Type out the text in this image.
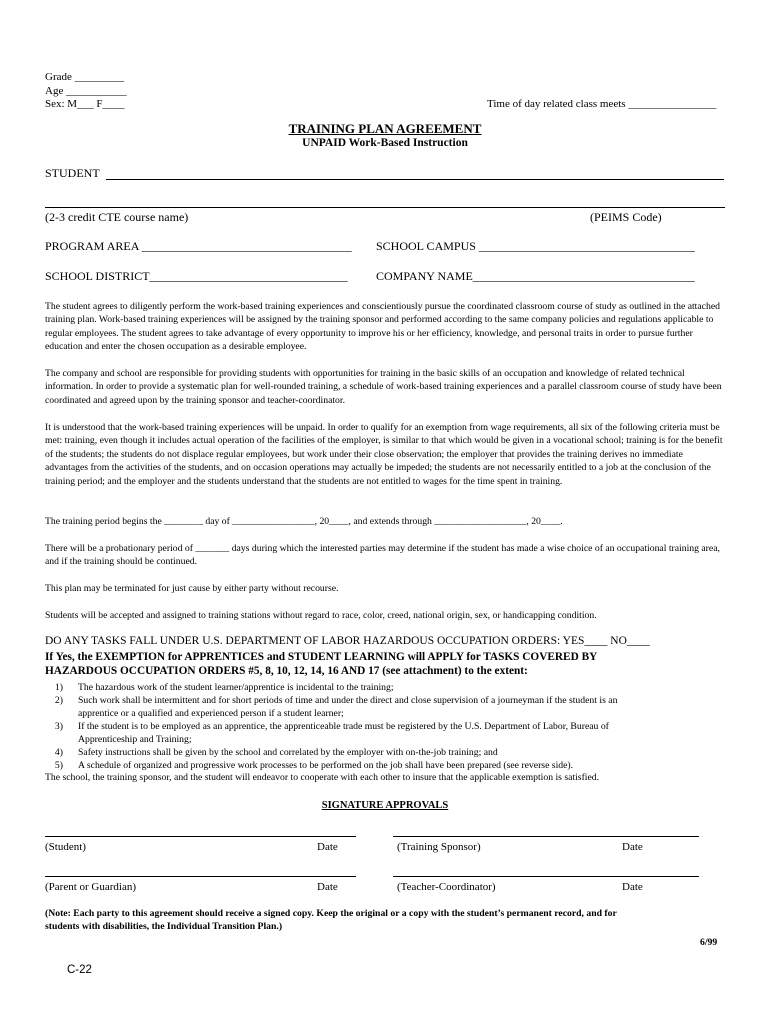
Grade _________
Age ___________
Sex: M___ F____	Time of day related class meets ________________
TRAINING PLAN AGREEMENT
UNPAID Work-Based Instruction
STUDENT
(2-3 credit CTE course name)	(PEIMS Code)
PROGRAM AREA ___________________________________ SCHOOL CAMPUS ____________________________________
SCHOOL DISTRICT_________________________________ COMPANY NAME_____________________________________
The student agrees to diligently perform the work-based training experiences and conscientiously pursue the coordinated classroom course of study as outlined in the attached training plan. Work-based training experiences will be assigned by the training sponsor and performed according to the same company policies and regulations applicable to regular employees. The student agrees to take advantage of every opportunity to improve his or her efficiency, knowledge, and personal traits in order to pursue further education and enter the chosen occupation as a desirable employee.
The company and school are responsible for providing students with opportunities for training in the basic skills of an occupation and knowledge of related technical information. In order to provide a systematic plan for well-rounded training, a schedule of work-based training experiences and a parallel classroom course of study have been coordinated and agreed upon by the training sponsor and teacher-coordinator.
It is understood that the work-based training experiences will be unpaid. In order to qualify for an exemption from wage requirements, all six of the following criteria must be met: training, even though it includes actual operation of the facilities of the employer, is similar to that which would be given in a vocational school; training is for the benefit of the students; the students do not displace regular employees, but work under their close observation; the employer that provides the training derives no immediate advantages from the activities of the students, and on occasion operations may actually be impeded; the students are not necessarily entitled to a job at the conclusion of the training period; and the employer and the students understand that the students are not entitled to wages for the time spent in training.
The training period begins the ________ day of _________________, 20____, and extends through ___________________, 20____.
There will be a probationary period of _______ days during which the interested parties may determine if the student has made a wise choice of an occupational training area, and if the training should be continued.
This plan may be terminated for just cause by either party without recourse.
Students will be accepted and assigned to training stations without regard to race, color, creed, national origin, sex, or handicapping condition.
DO ANY TASKS FALL UNDER U.S. DEPARTMENT OF LABOR HAZARDOUS OCCUPATION ORDERS: YES____ NO____
If Yes, the EXEMPTION for APPRENTICES and STUDENT LEARNING will APPLY for TASKS COVERED BY
HAZARDOUS OCCUPATION ORDERS #5, 8, 10, 12, 14, 16 AND 17 (see attachment) to the extent:
1) The hazardous work of the student learner/apprentice is incidental to the training;
2) Such work shall be intermittent and for short periods of time and under the direct and close supervision of a journeyman if the student is an
apprentice or a qualified and experienced person if a student learner;
3) If the student is to be employed as an apprentice, the apprenticeable trade must be registered by the U.S. Department of Labor, Bureau of
Apprenticeship and Training;
4) Safety instructions shall be given by the school and correlated by the employer with on-the-job training; and
5) A schedule of organized and progressive work processes to be performed on the job shall have been prepared (see reverse side).
The school, the training sponsor, and the student will endeavor to cooperate with each other to insure that the applicable exemption is satisfied.
SIGNATURE APPROVALS
(Student)	Date	(Training Sponsor)	Date
(Parent or Guardian)	Date	(Teacher-Coordinator)	Date
(Note: Each party to this agreement should receive a signed copy. Keep the original or a copy with the student’s permanent record, and for
students with disabilities, the Individual Transition Plan.)
6/99
C-22
